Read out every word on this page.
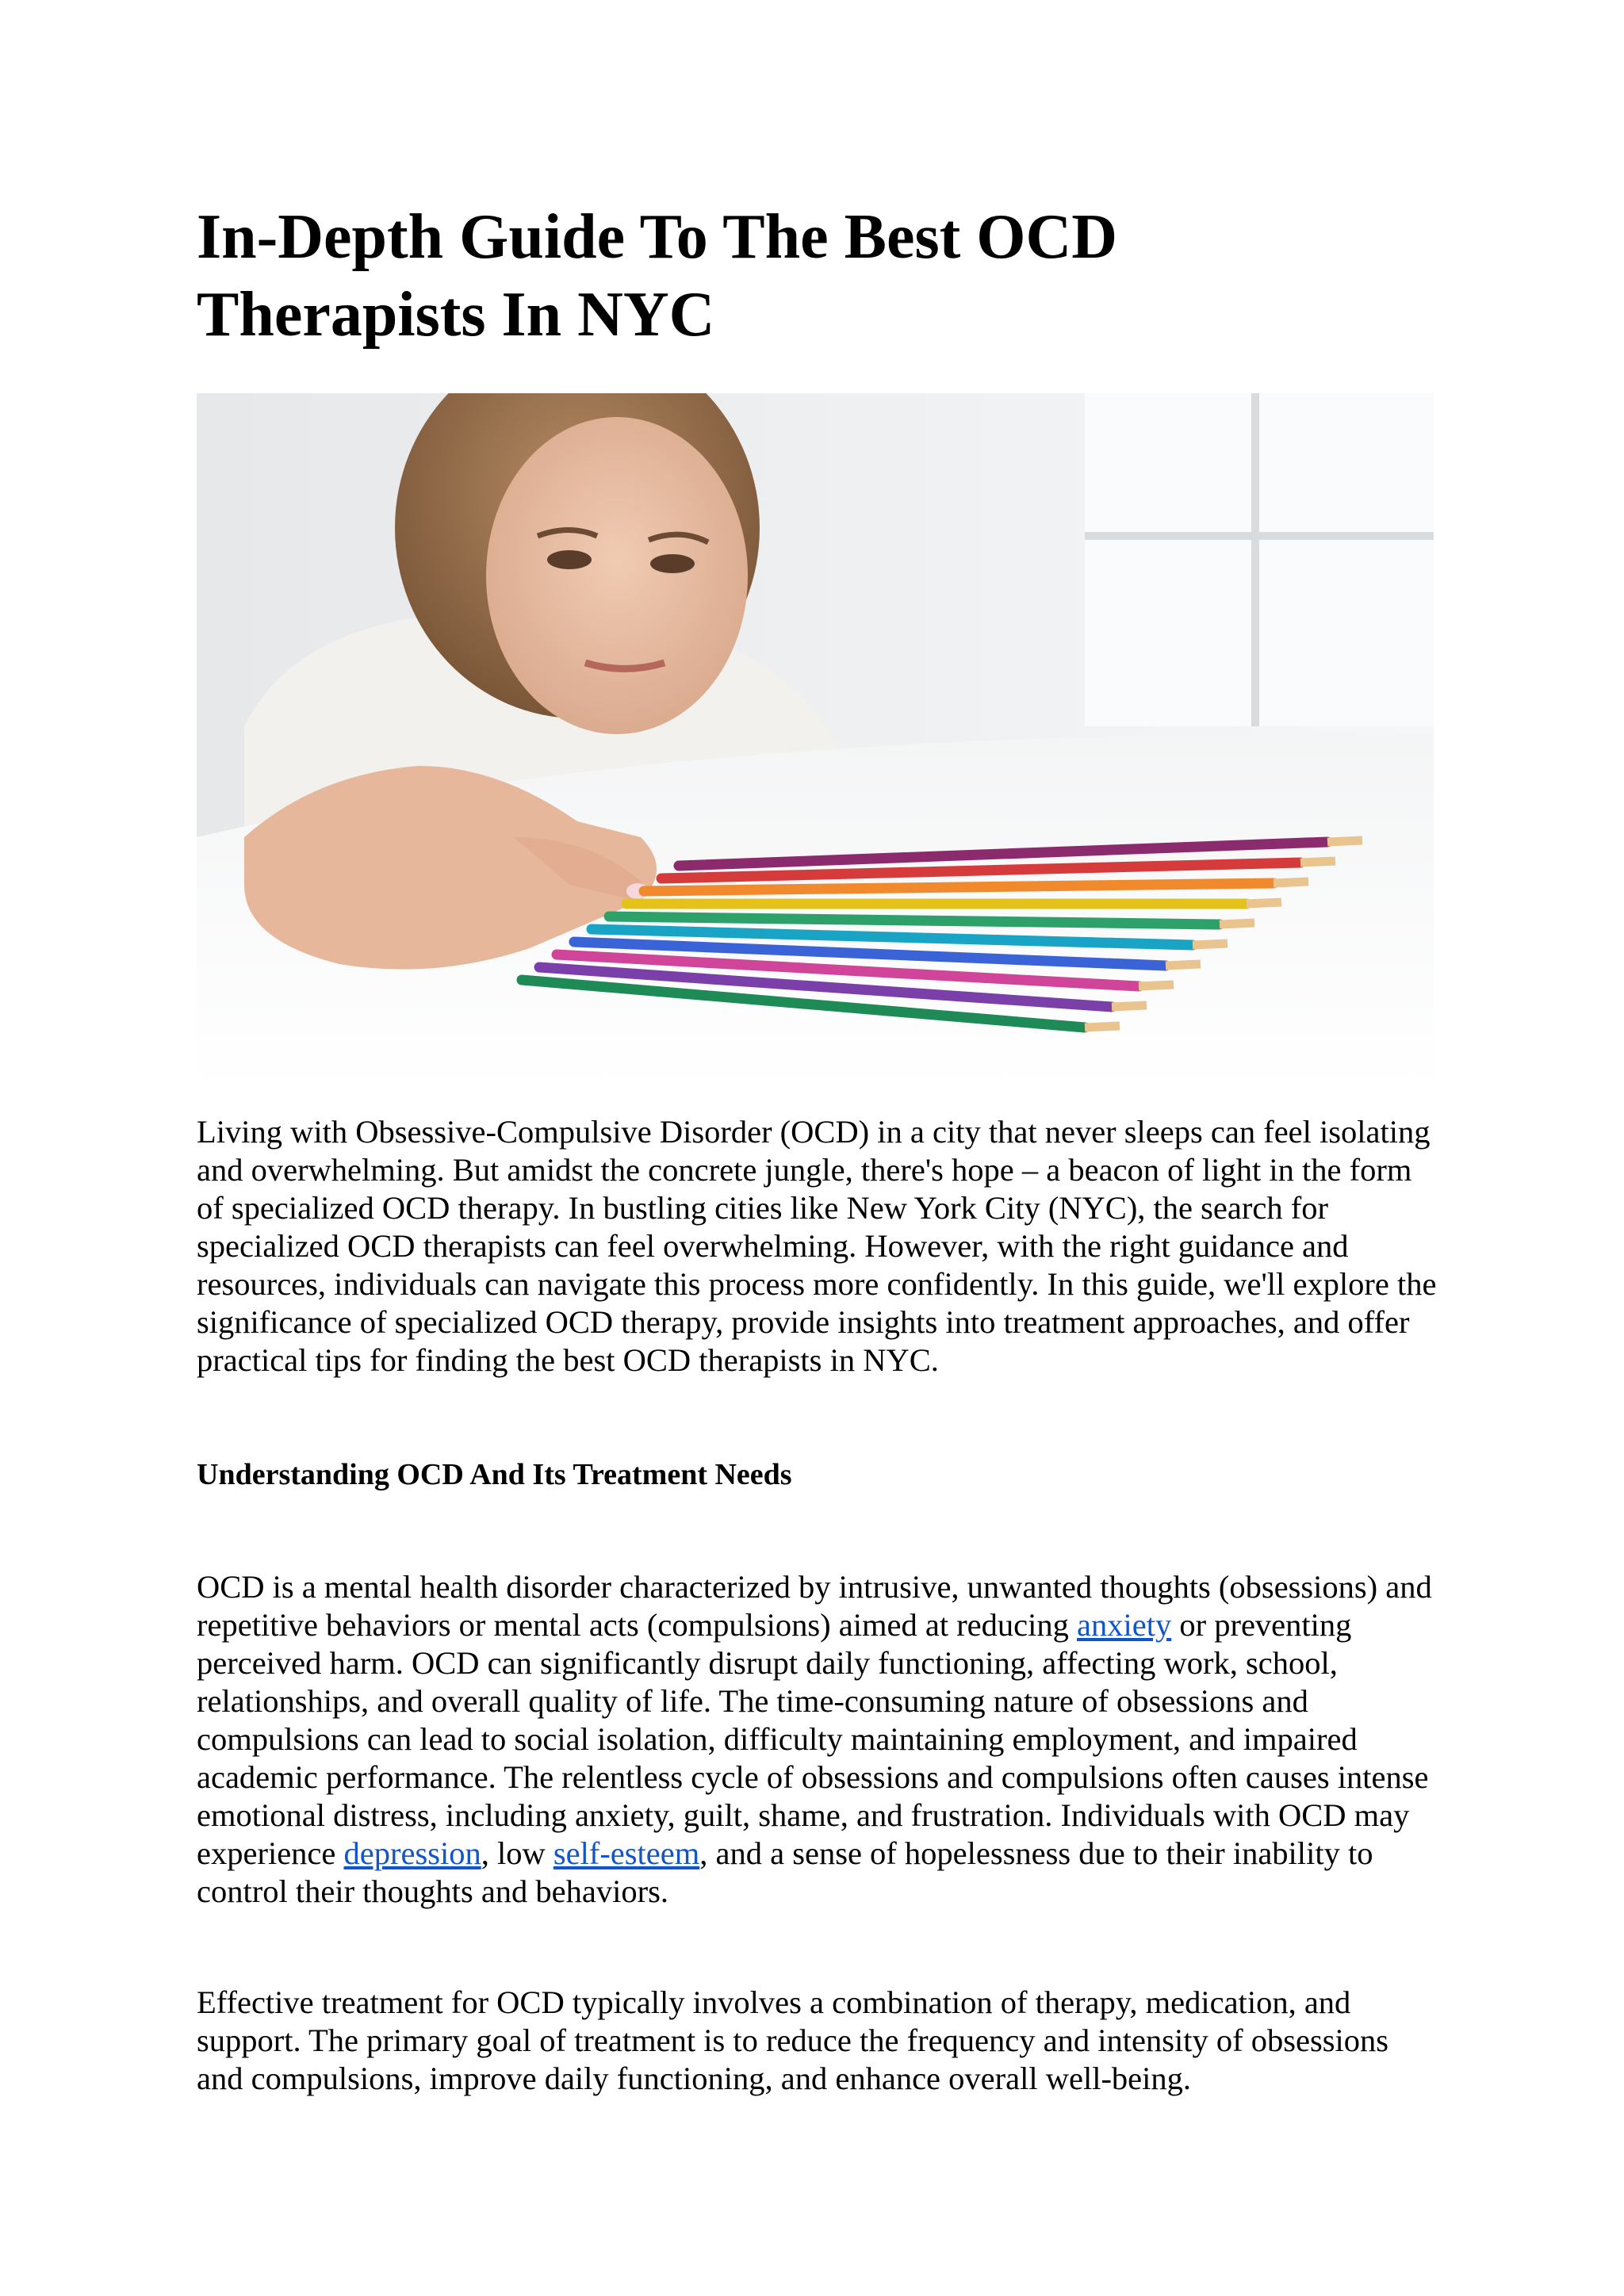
In-Depth Guide To The Best OCD
Therapists In NYC

Living with Obsessive-Compulsive Disorder (OCD) in a city that never sleeps can feel isolating and overwhelming. But amidst the concrete jungle, there's hope – a beacon of light in the form of specialized OCD therapy. In bustling cities like New York City (NYC), the search for specialized OCD therapists can feel overwhelming. However, with the right guidance and resources, individuals can navigate this process more confidently. In this guide, we'll explore the significance of specialized OCD therapy, provide insights into treatment approaches, and offer practical tips for finding the best OCD therapists in NYC.

Understanding OCD And Its Treatment Needs

OCD is a mental health disorder characterized by intrusive, unwanted thoughts (obsessions) and repetitive behaviors or mental acts (compulsions) aimed at reducing anxiety or preventing perceived harm. OCD can significantly disrupt daily functioning, affecting work, school, relationships, and overall quality of life. The time-consuming nature of obsessions and compulsions can lead to social isolation, difficulty maintaining employment, and impaired academic performance. The relentless cycle of obsessions and compulsions often causes intense emotional distress, including anxiety, guilt, shame, and frustration. Individuals with OCD may experience depression, low self-esteem, and a sense of hopelessness due to their inability to control their thoughts and behaviors.

Effective treatment for OCD typically involves a combination of therapy, medication, and support. The primary goal of treatment is to reduce the frequency and intensity of obsessions and compulsions, improve daily functioning, and enhance overall well-being.
